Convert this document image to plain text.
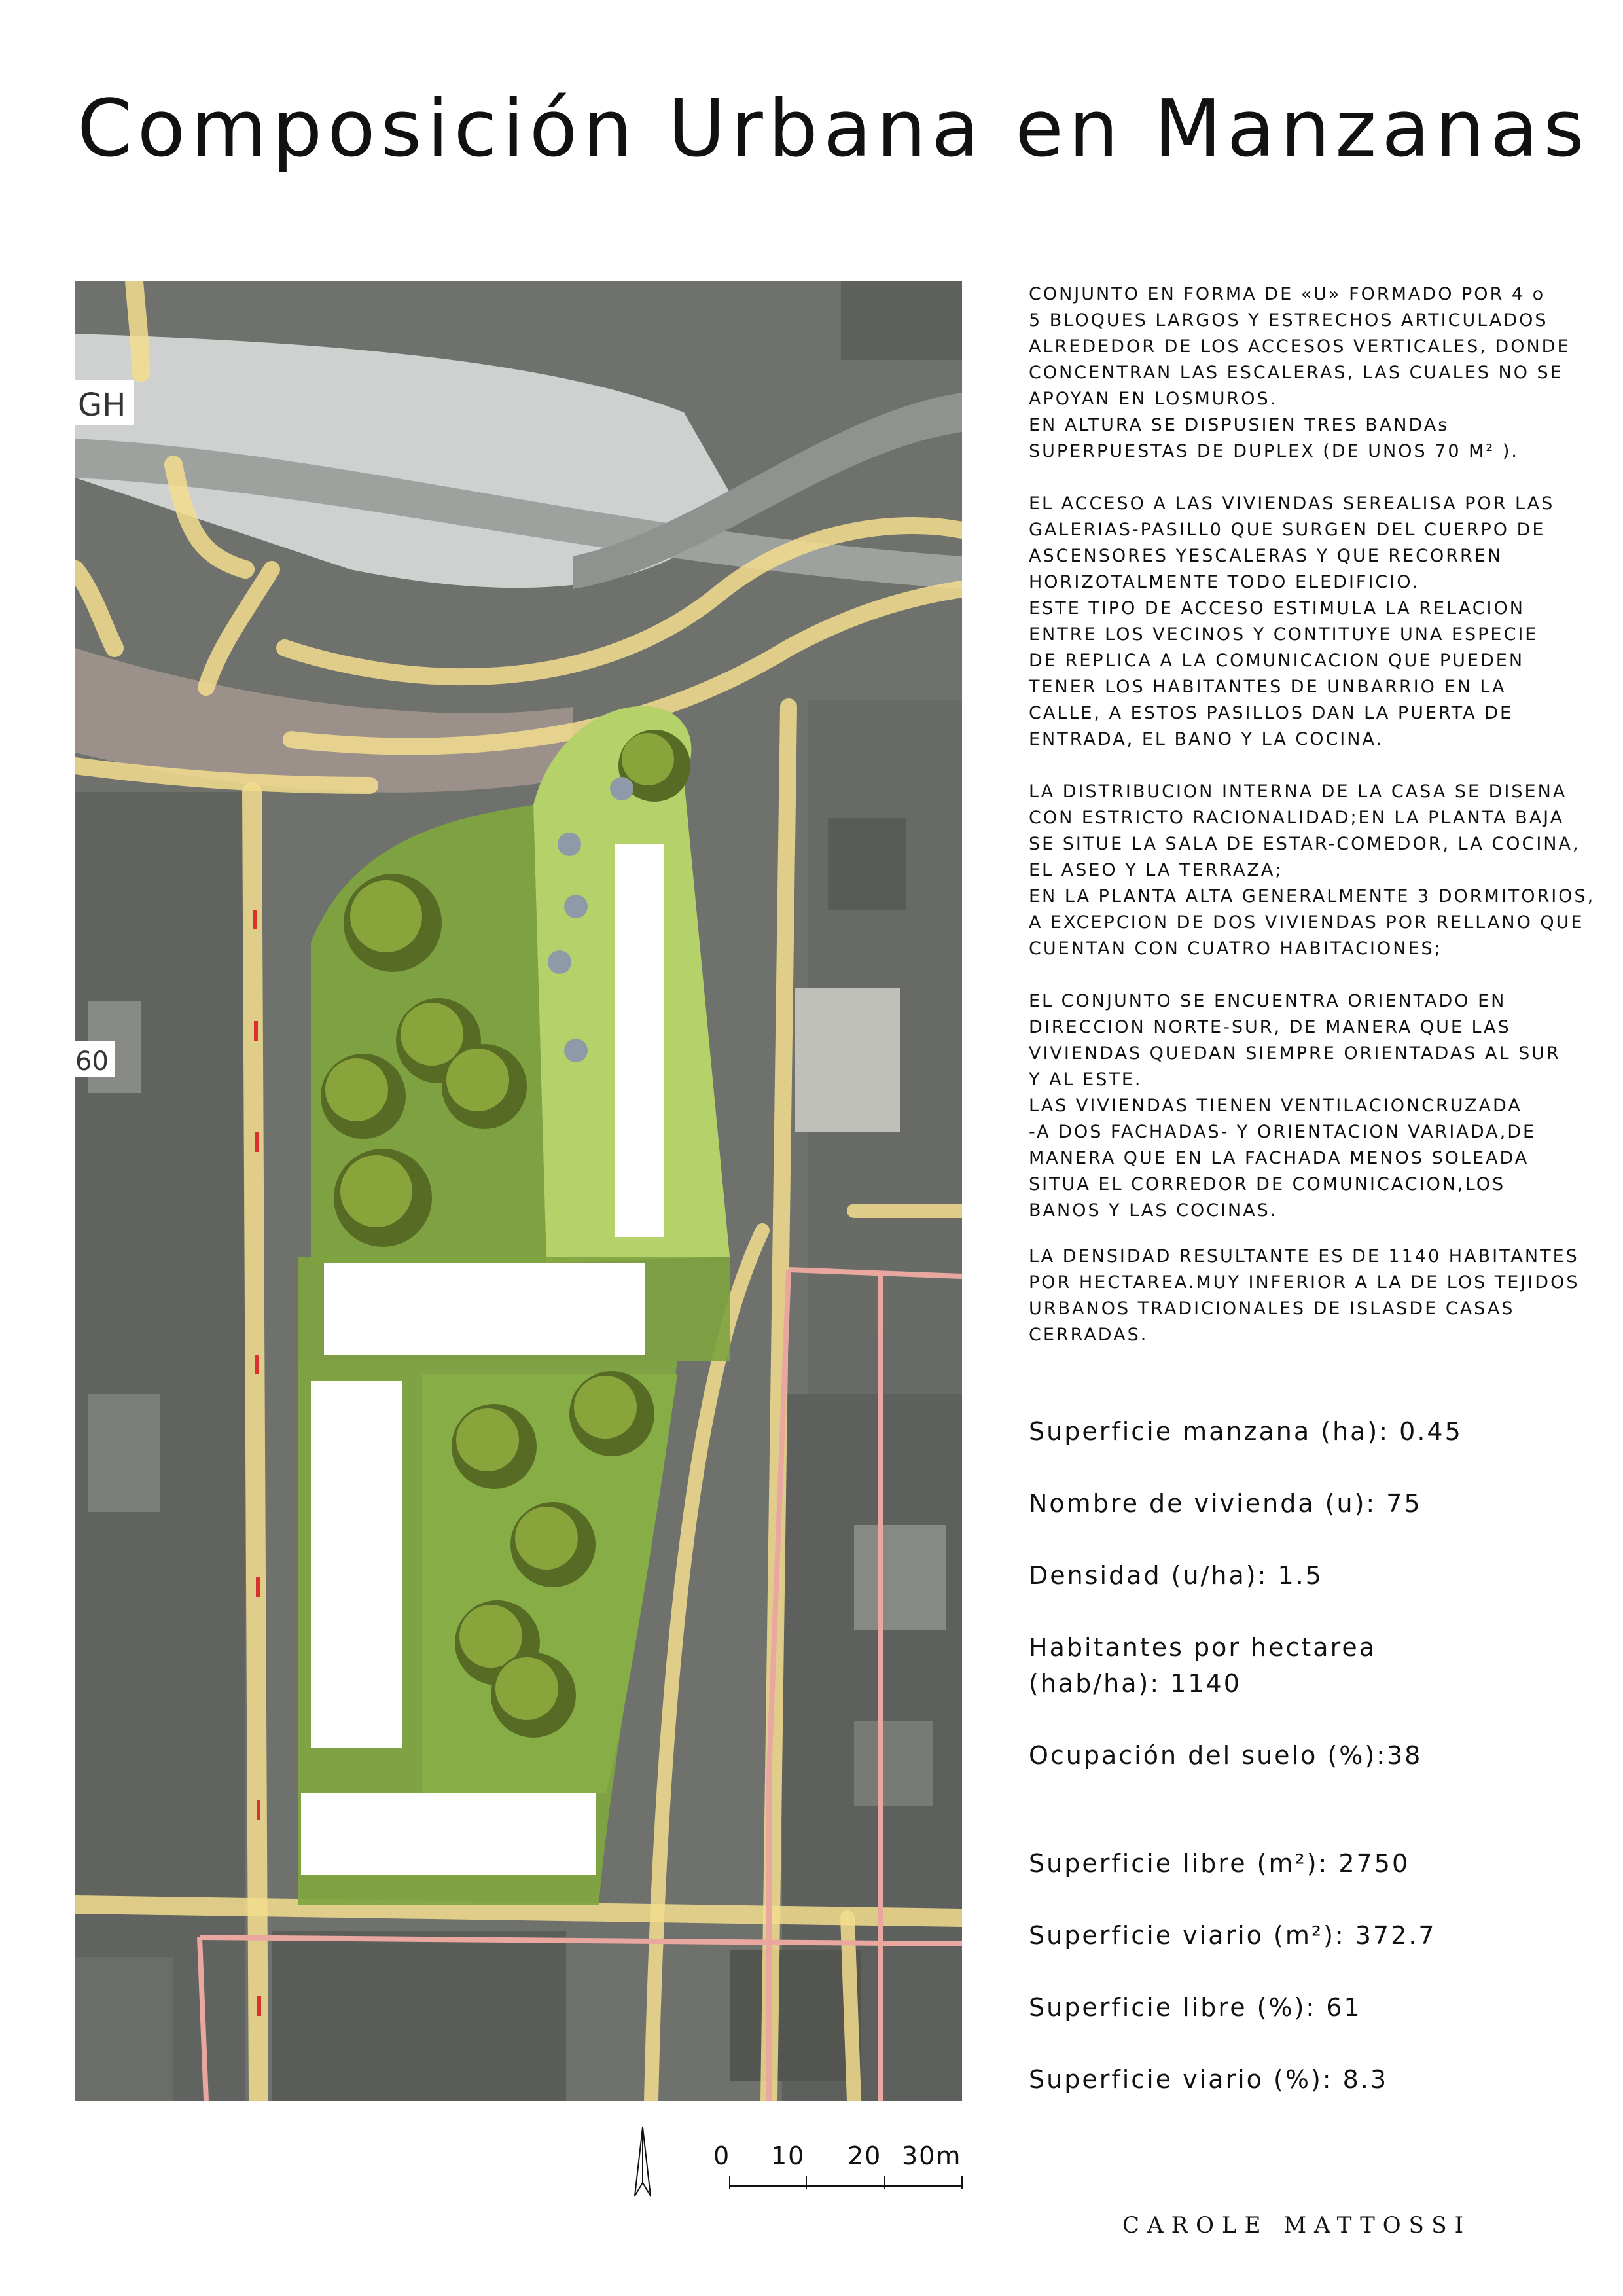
Composición Urbana en Manzanas
GH
60

CONJUNTO EN FORMA DE «U» FORMADO POR 4 o
5 BLOQUES LARGOS Y ESTRECHOS ARTICULADOS
ALREDEDOR DE LOS ACCESOS VERTICALES, DONDE
CONCENTRAN LAS ESCALERAS, LAS CUALES NO SE
APOYAN EN LOSMUROS.
EN ALTURA SE DISPUSIEN TRES BANDAs
SUPERPUESTAS DE DUPLEX (DE UNOS 70 M² ).

EL ACCESO A LAS VIVIENDAS SEREALISA POR LAS
GALERIAS-PASILL0 QUE SURGEN DEL CUERPO DE
ASCENSORES YESCALERAS Y QUE RECORREN
HORIZOTALMENTE TODO ELEDIFICIO.
ESTE TIPO DE ACCESO ESTIMULA LA RELACION
ENTRE LOS VECINOS Y CONTITUYE UNA ESPECIE
DE REPLICA A LA COMUNICACION QUE PUEDEN
TENER LOS HABITANTES DE UNBARRIO EN LA
CALLE, A ESTOS PASILLOS DAN LA PUERTA DE
ENTRADA, EL BANO Y LA COCINA.

LA DISTRIBUCION INTERNA DE LA CASA SE DISENA
CON ESTRICTO RACIONALIDAD;EN LA PLANTA BAJA
SE SITUE LA SALA DE ESTAR-COMEDOR, LA COCINA,
EL ASEO Y LA TERRAZA;
EN LA PLANTA ALTA GENERALMENTE 3 DORMITORIOS,
A EXCEPCION DE DOS VIVIENDAS POR RELLANO QUE
CUENTAN CON CUATRO HABITACIONES;

EL CONJUNTO SE ENCUENTRA ORIENTADO EN
DIRECCION NORTE-SUR, DE MANERA QUE LAS
VIVIENDAS QUEDAN SIEMPRE ORIENTADAS AL SUR
Y AL ESTE.
LAS VIVIENDAS TIENEN VENTILACIONCRUZADA
-A DOS FACHADAS- Y ORIENTACION VARIADA,DE
MANERA QUE EN LA FACHADA MENOS SOLEADA
SITUA EL CORREDOR DE COMUNICACION,LOS
BANOS Y LAS COCINAS.

LA DENSIDAD RESULTANTE ES DE 1140 HABITANTES
POR HECTAREA.MUY INFERIOR A LA DE LOS TEJIDOS
URBANOS TRADICIONALES DE ISLASDE CASAS
CERRADAS.

Superficie manzana (ha): 0.45
Nombre de vivienda (u): 75
Densidad (u/ha): 1.5
Habitantes por hectarea
(hab/ha): 1140
Ocupación del suelo (%):38
Superficie libre (m²): 2750
Superficie viario (m²): 372.7
Superficie libre (%): 61
Superficie viario (%): 8.3
0 10 20 30m
CAROLE MATTOSSI
